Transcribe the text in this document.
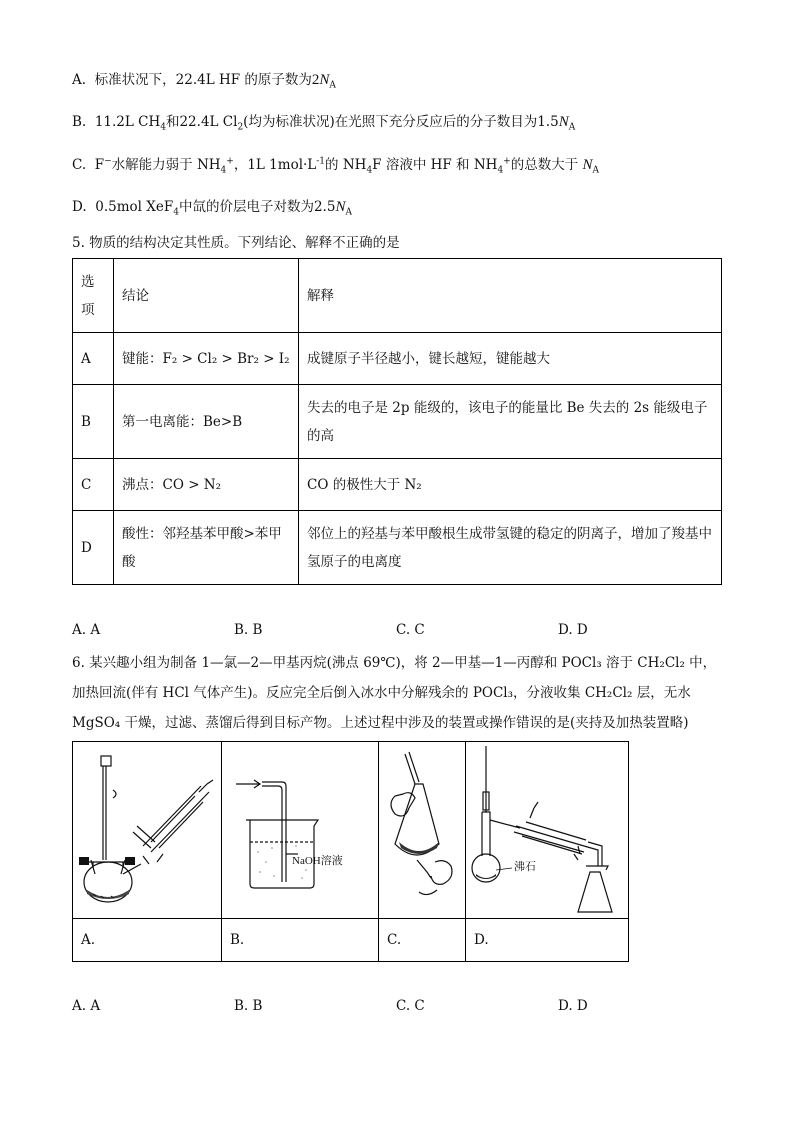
A. 标准状况下，22.4L HF 的原子数为$2N_A$
B. 11.2L $CH_4$和22.4L $Cl_2$(均为标准状况)在光照下充分反应后的分子数目为$1.5N_A$
C. F−水解能力弱于 $NH_4^+$，1L $1mol\cdot L^{-1}$的 $NH_4F$ 溶液中 HF 和 $NH_4^+$的总数大于 $N_A$
D. 0.5mol XeF$_4$中氙的价层电子对数为$2.5N_A$
5. 物质的结构决定其性质。下列结论、解释不正确的是
选项	结论	解释
A	键能：F₂ > Cl₂ > Br₂ > I₂	成键原子半径越小，键长越短，键能越大
B	第一电离能：Be>B	失去的电子是 2p 能级的，该电子的能量比 Be 失去的 2s 能级电子的高
C	沸点：CO > N₂	CO 的极性大于 N₂
D	酸性：邻羟基苯甲酸>苯甲酸	邻位上的羟基与苯甲酸根生成带氢键的稳定的阴离子，增加了羧基中氢原子的电离度
A. A	B. B	C. C	D. D
6. 某兴趣小组为制备 1—氯—2—甲基丙烷(沸点 69℃)，将 2—甲基—1—丙醇和 POCl₃ 溶于 CH₂Cl₂ 中，加热回流(伴有 HCl 气体产生)。反应完全后倒入冰水中分解残余的 POCl₃，分液收集 CH₂Cl₂ 层，无水 MgSO₄ 干燥，过滤、蒸馏后得到目标产物。上述过程中涉及的装置或操作错误的是(夹持及加热装置略)

NaOH溶液		沸石

A.	B.	C.	D.
A. A	B. B	C. C	D. D
